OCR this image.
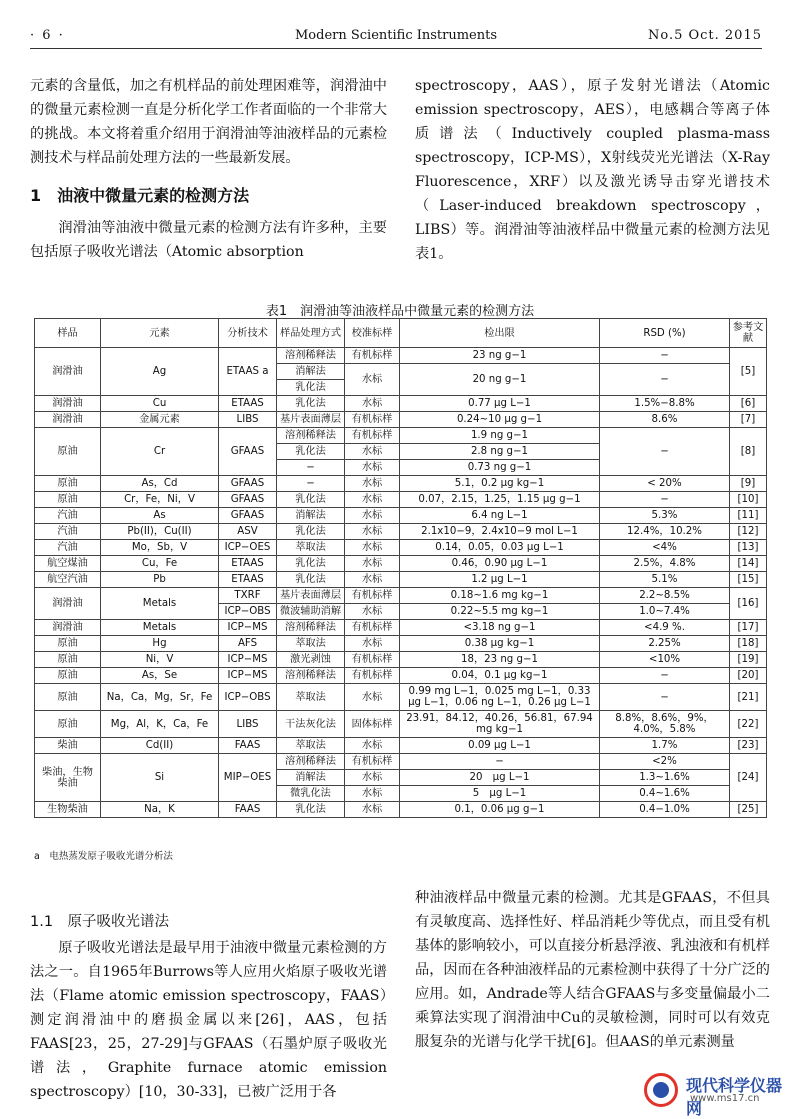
· 6 ·	Modern Scientific Instruments	No.5 Oct. 2015

元素的含量低，加之有机样品的前处理困难等，润滑油中的微量元素检测一直是分析化学工作者面临的一个非常大的挑战。本文将着重介绍用于润滑油等油液样品的元素检测技术与样品前处理方法的一些最新发展。

1　油液中微量元素的检测方法

润滑油等油液中微量元素的检测方法有许多种，主要包括原子吸收光谱法（Atomic absorption

spectroscopy，AAS），原子发射光谱法（Atomic emission spectroscopy，AES），电感耦合等离子体质谱法（Inductively coupled plasma-mass spectroscopy，ICP-MS），X射线荧光光谱法（X-Ray Fluorescence，XRF）以及激光诱导击穿光谱技术（Laser-induced breakdown spectroscopy，LIBS）等。润滑油等油液样品中微量元素的检测方法见表1。

表1　润滑油等油液样品中微量元素的检测方法
样品	元素	分析技术	样品处理方式	校准标样	检出限	RSD (%)	参考文献
润滑油	Ag	ETAAS a	溶剂稀释法	有机标样	23 ng g−1	−	[5]
			消解法	水标	20 ng g−1	−	
			乳化法				
润滑油	Cu	ETAAS	乳化法	水标	0.77 μg L−1	1.5%−8.8%	[6]
润滑油	金属元素	LIBS	基片表面薄层	有机标样	0.24~10 μg g−1	8.6%	[7]
原油	Cr	GFAAS	溶剂稀释法	有机标样	1.9 ng g−1	−	[8]
			乳化法	水标	2.8 ng g−1		
			−	水标	0.73 ng g−1		
原油	As，Cd	GFAAS	−	水标	5.1，0.2 μg kg−1	< 20%	[9]
原油	Cr，Fe，Ni，V	GFAAS	乳化法	水标	0.07，2.15，1.25，1.15 μg g−1	−	[10]
汽油	As	GFAAS	消解法	水标	6.4 ng L−1	5.3%	[11]
汽油	Pb(II)，Cu(II)	ASV	乳化法	水标	2.1x10−9，2.4x10−9 mol L−1	12.4%，10.2%	[12]
汽油	Mo，Sb，V	ICP−OES	萃取法	水标	0.14，0.05，0.03 μg L−1	<4%	[13]
航空煤油	Cu，Fe	ETAAS	乳化法	水标	0.46，0.90 μg L−1	2.5%，4.8%	[14]
航空汽油	Pb	ETAAS	乳化法	水标	1.2 μg L−1	5.1%	[15]
润滑油	Metals	TXRF	基片表面薄层	有机标样	0.18~1.6 mg kg−1	2.2~8.5%	[16]
		ICP−OBS	微波辅助消解	水标	0.22~5.5 mg kg−1	1.0~7.4%	
润滑油	Metals	ICP−MS	溶剂稀释法	有机标样	<3.18 ng g−1	<4.9 %.	[17]
原油	Hg	AFS	萃取法	水标	0.38 μg kg−1	2.25%	[18]
原油	Ni，V	ICP−MS	激光剥蚀	有机标样	18，23 ng g−1	<10%	[19]
原油	As，Se	ICP−MS	溶剂稀释法	有机标样	0.04，0.1 μg kg−1	−	[20]
原油	Na，Ca，Mg，Sr，Fe	ICP−OBS	萃取法	水标	0.99 mg L−1，0.025 mg L−1，0.33 μg L−1，0.06 ng L−1，0.26 μg L−1	−	[21]
原油	Mg，Al，K，Ca，Fe	LIBS	干法灰化法	固体标样	23.91，84.12，40.26，56.81，67.94 mg kg−1	8.8%，8.6%，9%，4.0%，5.8%	[22]
柴油	Cd(II)	FAAS	萃取法	水标	0.09 μg L−1	1.7%	[23]
柴油，生物柴油	Si	MIP−OES	溶剂稀释法	有机标样	−	<2%	[24]
			消解法	水标	20　μg L−1	1.3~1.6%	
			微乳化法	水标	5　μg L−1	0.4~1.6%	
生物柴油	Na，K	FAAS	乳化法	水标	0.1，0.06 μg g−1	0.4−1.0%	[25]
a　电热蒸发原子吸收光谱分析法

1.1　原子吸收光谱法

原子吸收光谱法是最早用于油液中微量元素检测的方法之一。自1965年Burrows等人应用火焰原子吸收光谱法（Flame atomic emission spectroscopy，FAAS）测定润滑油中的磨损金属以来[26]，AAS，包括FAAS[23，25，27-29]与GFAAS（石墨炉原子吸收光谱法，Graphite furnace atomic emission spectroscopy）[10，30-33]，已被广泛用于各

种油液样品中微量元素的检测。尤其是GFAAS，不但具有灵敏度高、选择性好、样品消耗少等优点，而且受有机基体的影响较小，可以直接分析悬浮液、乳浊液和有机样品，因而在各种油液样品的元素检测中获得了十分广泛的应用。如，Andrade等人结合GFAAS与多变量偏最小二乘算法实现了润滑油中Cu的灵敏检测，同时可以有效克服复杂的光谱与化学干扰[6]。但AAS的单元素测量

现代科学仪器网
www.ms17.cn
